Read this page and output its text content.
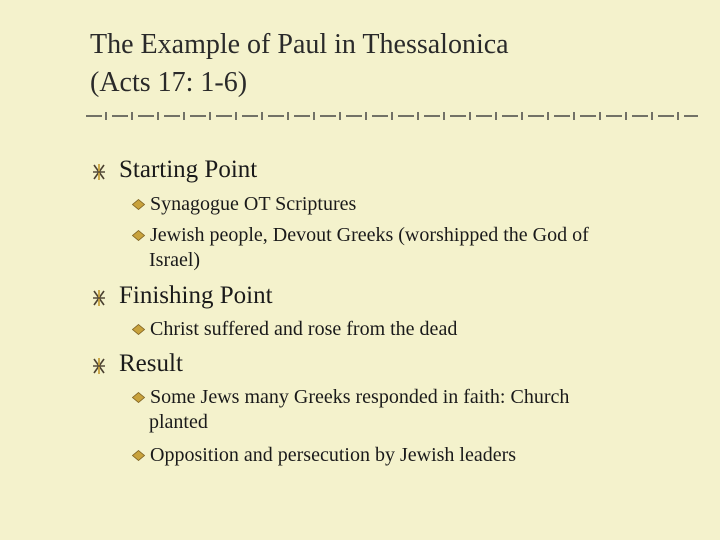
The Example of Paul in Thessalonica
(Acts 17: 1-6)
Starting Point
Synagogue OT Scriptures
Jewish people, Devout Greeks (worshipped the God of
Israel)
Finishing Point
Christ suffered and rose from the dead
Result
Some Jews many Greeks responded in faith: Church
planted
Opposition and persecution by Jewish leaders
